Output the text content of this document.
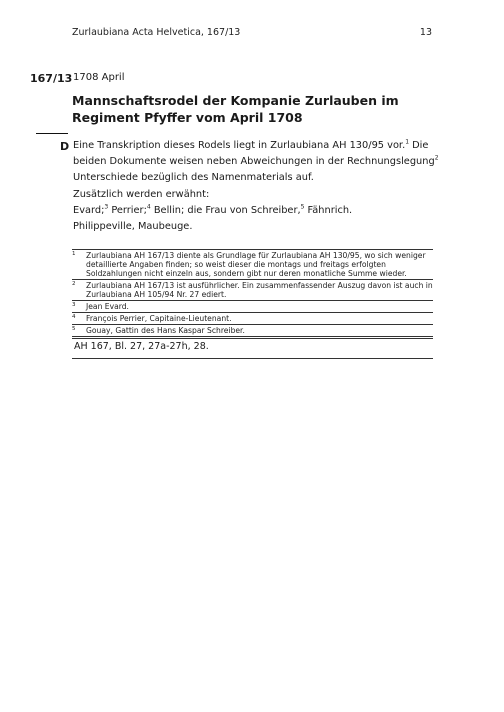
Zurlaubiana Acta Helvetica, 167/13	13
167/13 1708 April
Mannschaftsrodel der Kompanie Zurlauben im Regiment Pfyffer vom April 1708
D Eine Transkription dieses Rodels liegt in Zurlaubiana AH 130/95 vor.$^1$ Die beiden Dokumente weisen neben Abweichungen in der Rechnungslegung$^2$ Unterschiede bezüglich des Namenmaterials auf.
Zusätzlich werden erwähnt:
Evard;$^3$ Perrier;$^4$ Bellin; die Frau von Schreiber,$^5$ Fähnrich.
Philippeville, Maubeuge.
1 Zurlaubiana AH 167/13 diente als Grundlage für Zurlaubiana AH 130/95, wo sich weniger detaillierte Angaben finden; so weist dieser die montags und freitags erfolgten Soldzahlungen nicht einzeln aus, sondern gibt nur deren monatliche Summe wieder.
2 Zurlaubiana AH 167/13 ist ausführlicher. Ein zusammenfassender Auszug davon ist auch in Zurlaubiana AH 105/94 Nr. 27 ediert.
3 Jean Evard.
4 François Perrier, Capitaine-Lieutenant.
5 Gouay, Gattin des Hans Kaspar Schreiber.
AH 167, Bl. 27, 27a-27h, 28.
